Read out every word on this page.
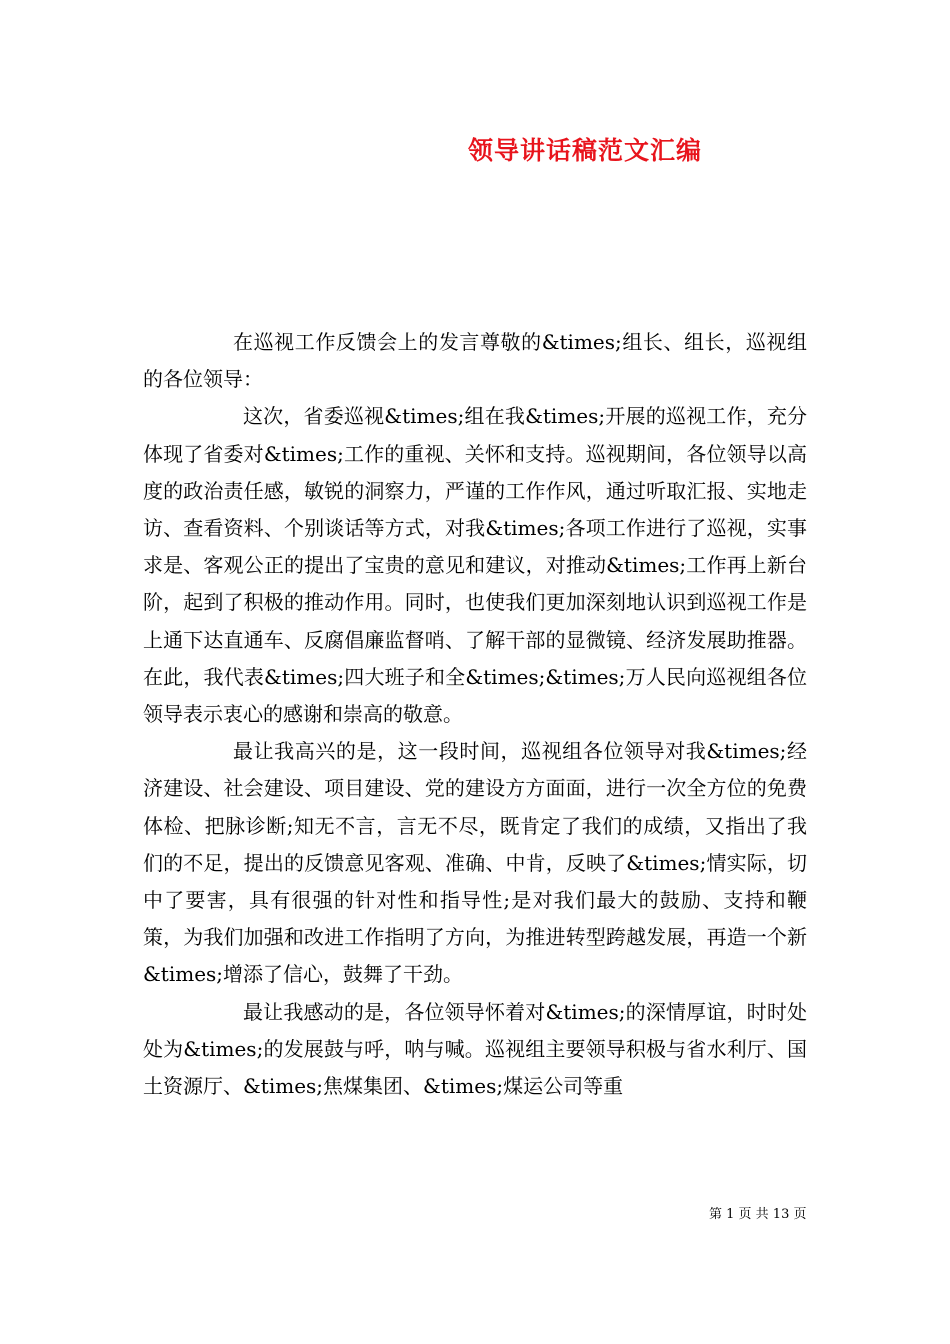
领导讲话稿范文汇编

在巡视工作反馈会上的发言尊敬的&times;组长、组长，巡视组的各位领导：

这次，省委巡视&times;组在我&times;开展的巡视工作，充分体现了省委对&times;工作的重视、关怀和支持。巡视期间，各位领导以高度的政治责任感，敏锐的洞察力，严谨的工作作风，通过听取汇报、实地走访、查看资料、个别谈话等方式，对我&times;各项工作进行了巡视，实事求是、客观公正的提出了宝贵的意见和建议，对推动&times;工作再上新台阶，起到了积极的推动作用。同时，也使我们更加深刻地认识到巡视工作是上通下达直通车、反腐倡廉监督哨、了解干部的显微镜、经济发展助推器。在此，我代表&times;四大班子和全&times;&times;万人民向巡视组各位领导表示衷心的感谢和崇高的敬意。

最让我高兴的是，这一段时间，巡视组各位领导对我&times;经济建设、社会建设、项目建设、党的建设方方面面，进行一次全方位的免费体检、把脉诊断;知无不言，言无不尽，既肯定了我们的成绩，又指出了我们的不足，提出的反馈意见客观、准确、中肯，反映了&times;情实际，切中了要害，具有很强的针对性和指导性;是对我们最大的鼓励、支持和鞭策，为我们加强和改进工作指明了方向，为推进转型跨越发展，再造一个新&times;增添了信心，鼓舞了干劲。

最让我感动的是，各位领导怀着对&times;的深情厚谊，时时处处为&times;的发展鼓与呼，呐与喊。巡视组主要领导积极与省水利厅、国土资源厅、&times;焦煤集团、&times;煤运公司等重

第 1 页 共 13 页
